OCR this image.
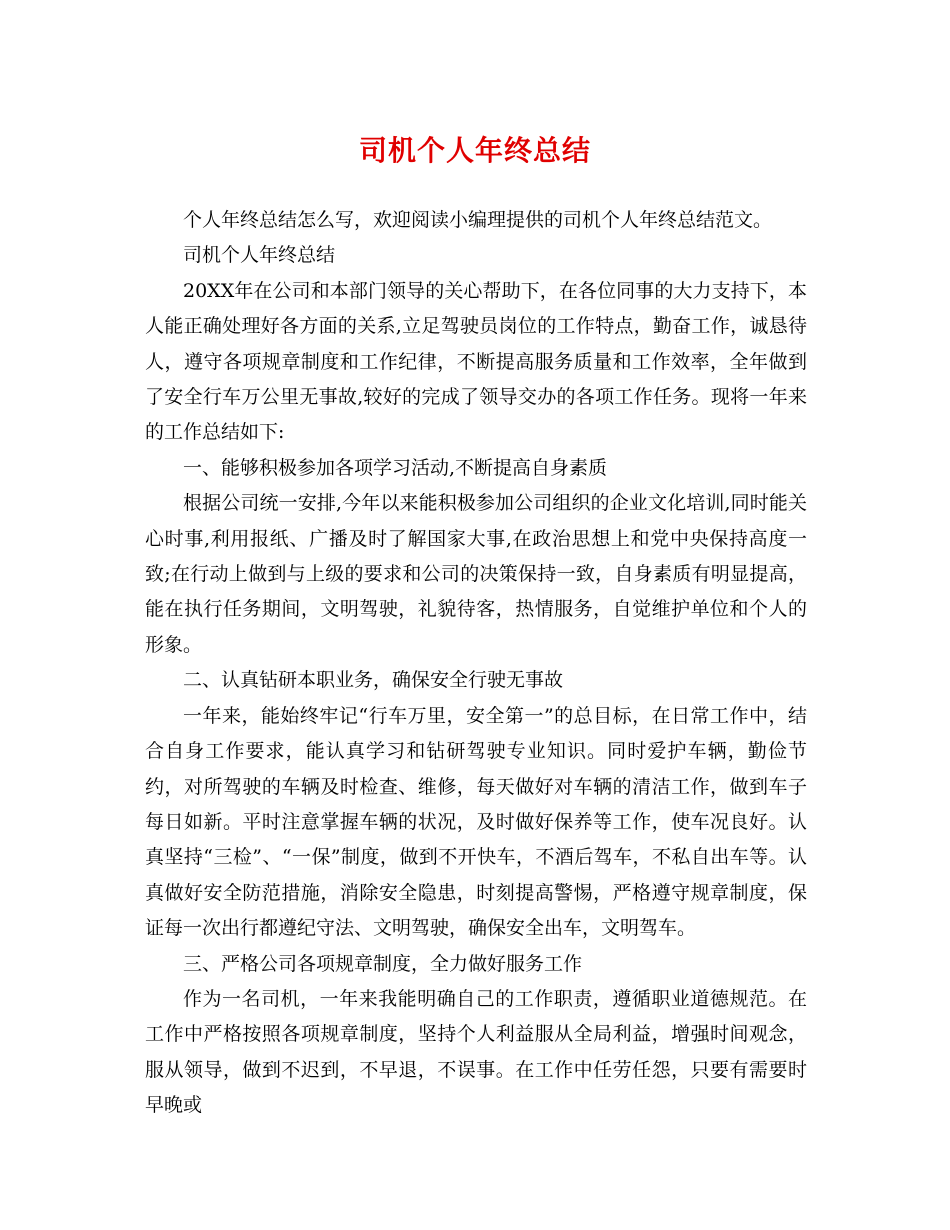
司机个人年终总结

个人年终总结怎么写，欢迎阅读小编理提供的司机个人年终总结范文。

司机个人年终总结

20XX年在公司和本部门领导的关心帮助下，在各位同事的大力支持下，本人能正确处理好各方面的关系,立足驾驶员岗位的工作特点，勤奋工作，诚恳待人，遵守各项规章制度和工作纪律，不断提高服务质量和工作效率，全年做到了安全行车万公里无事故,较好的完成了领导交办的各项工作任务。现将一年来的工作总结如下:

一、能够积极参加各项学习活动,不断提高自身素质

根据公司统一安排,今年以来能积极参加公司组织的企业文化培训,同时能关心时事,利用报纸、广播及时了解国家大事,在政治思想上和党中央保持高度一致;在行动上做到与上级的要求和公司的决策保持一致，自身素质有明显提高，能在执行任务期间，文明驾驶，礼貌待客，热情服务，自觉维护单位和个人的形象。

二、认真钻研本职业务，确保安全行驶无事故

一年来，能始终牢记“行车万里，安全第一”的总目标，在日常工作中，结合自身工作要求，能认真学习和钻研驾驶专业知识。同时爱护车辆，勤俭节约，对所驾驶的车辆及时检查、维修，每天做好对车辆的清洁工作，做到车子每日如新。平时注意掌握车辆的状况，及时做好保养等工作，使车况良好。认真坚持“三检”、“一保”制度，做到不开快车，不酒后驾车，不私自出车等。认真做好安全防范措施，消除安全隐患，时刻提高警惕，严格遵守规章制度，保证每一次出行都遵纪守法、文明驾驶，确保安全出车，文明驾车。

三、严格公司各项规章制度，全力做好服务工作

作为一名司机，一年来我能明确自己的工作职责，遵循职业道德规范。在工作中严格按照各项规章制度，坚持个人利益服从全局利益，增强时间观念，服从领导，做到不迟到，不早退，不误事。在工作中任劳任怨，只要有需要时早晚或
